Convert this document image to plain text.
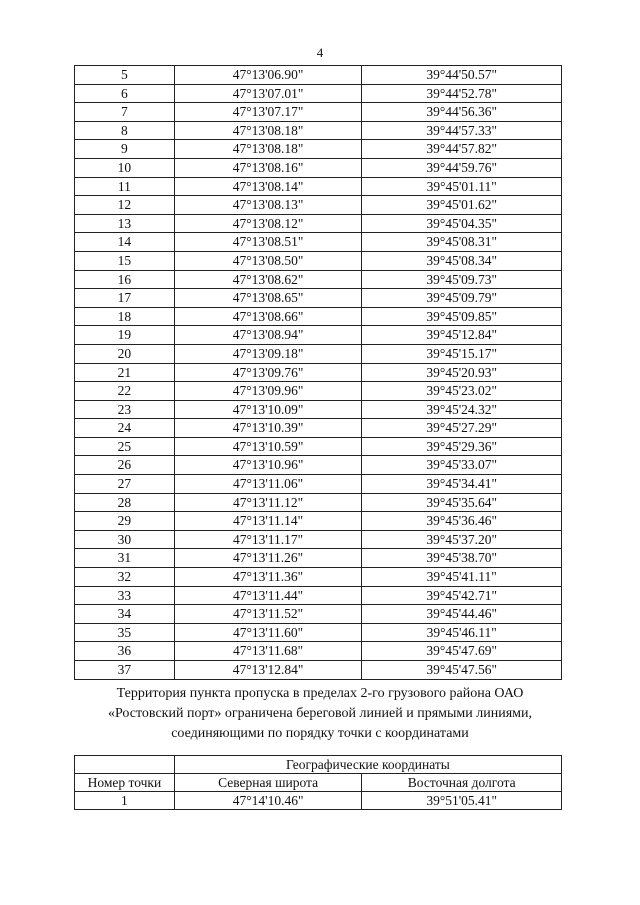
4
5	47°13'06.90"	39°44'50.57"
6	47°13'07.01"	39°44'52.78"
7	47°13'07.17"	39°44'56.36"
8	47°13'08.18"	39°44'57.33"
9	47°13'08.18"	39°44'57.82"
10	47°13'08.16"	39°44'59.76"
11	47°13'08.14"	39°45'01.11"
12	47°13'08.13"	39°45'01.62"
13	47°13'08.12"	39°45'04.35"
14	47°13'08.51"	39°45'08.31"
15	47°13'08.50"	39°45'08.34"
16	47°13'08.62"	39°45'09.73"
17	47°13'08.65"	39°45'09.79"
18	47°13'08.66"	39°45'09.85"
19	47°13'08.94"	39°45'12.84"
20	47°13'09.18"	39°45'15.17"
21	47°13'09.76"	39°45'20.93"
22	47°13'09.96"	39°45'23.02"
23	47°13'10.09"	39°45'24.32"
24	47°13'10.39"	39°45'27.29"
25	47°13'10.59"	39°45'29.36"
26	47°13'10.96"	39°45'33.07"
27	47°13'11.06"	39°45'34.41"
28	47°13'11.12"	39°45'35.64"
29	47°13'11.14"	39°45'36.46"
30	47°13'11.17"	39°45'37.20"
31	47°13'11.26"	39°45'38.70"
32	47°13'11.36"	39°45'41.11"
33	47°13'11.44"	39°45'42.71"
34	47°13'11.52"	39°45'44.46"
35	47°13'11.60"	39°45'46.11"
36	47°13'11.68"	39°45'47.69"
37	47°13'12.84"	39°45'47.56"
Территория пункта пропуска в пределах 2-го грузового района ОАО
«Ростовский порт» ограничена береговой линией и прямыми линиями,
соединяющими по порядку точки с координатами
	Географические координаты	
Номер точки	Северная широта	Восточная долгота
1	47°14'10.46"	39°51'05.41"
